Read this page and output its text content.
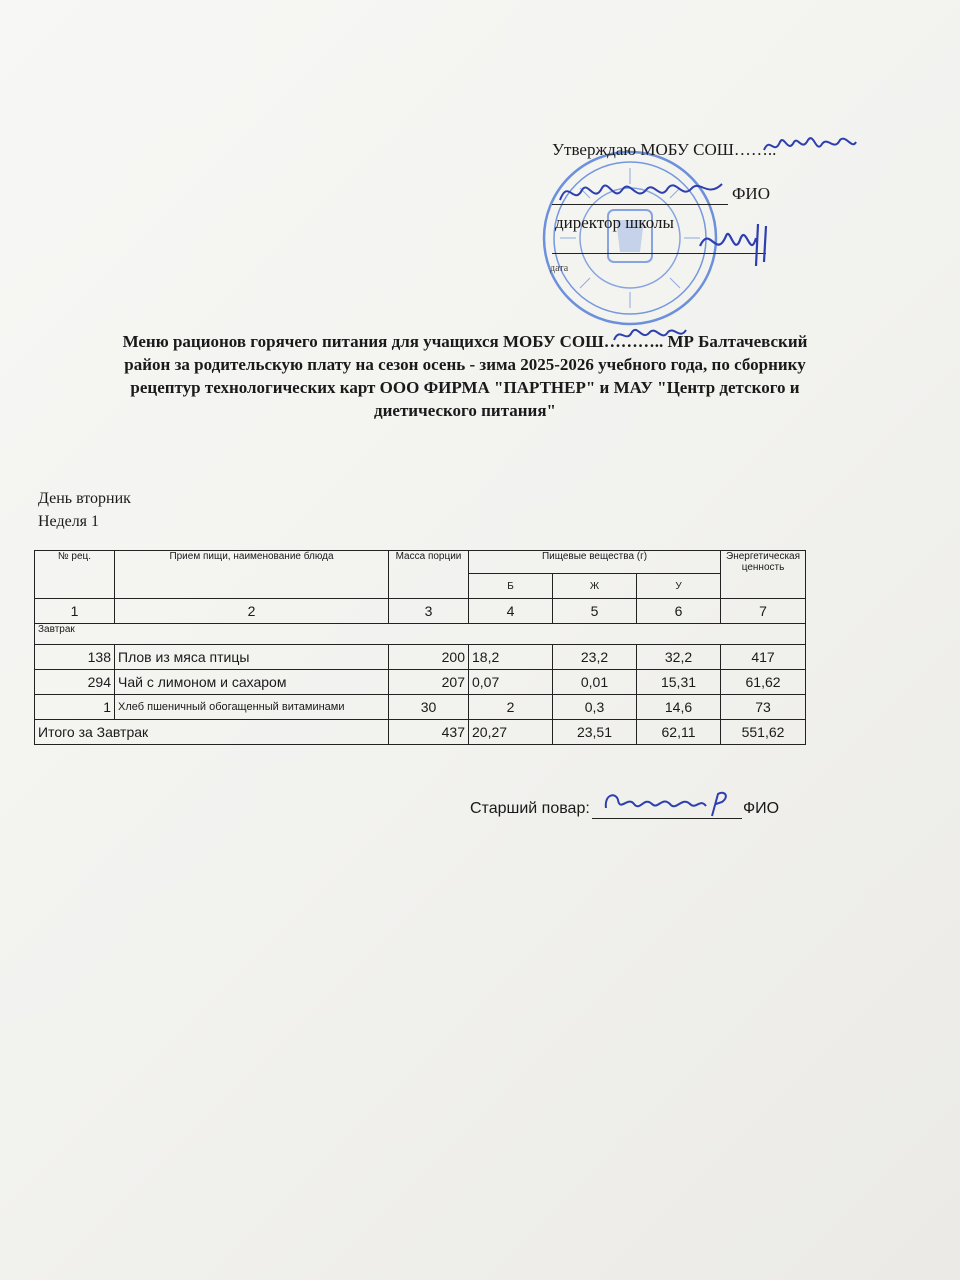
Утверждаю МОБУ СОШ……..
ФИО
директор школы
дата
Меню рационов горячего питания для учащихся МОБУ СОШ……….. МР Балтачевский
район за родительскую плату на сезон осень - зима 2025-2026 учебного года, по сборнику
рецептур технологических карт ООО ФИРМА "ПАРТНЕР" и МАУ "Центр детского и
диетического питания"
День вторник
Неделя 1
№ рец.	Прием пищи, наименование блюда	Масса порции	Пищевые вещества (г)			Энергетическая ценность
			Б	Ж	У	
1	2	3	4	5	6	7
Завтрак						
138	Плов из мяса птицы	200	18,2	23,2	32,2	417
294	Чай с лимоном и сахаром	207	0,07	0,01	15,31	61,62
1	Хлеб пшеничный обогащенный витаминами	30	2	0,3	14,6	73
Итого за Завтрак		437	20,27	23,51	62,11	551,62
Старший повар:	ФИО
